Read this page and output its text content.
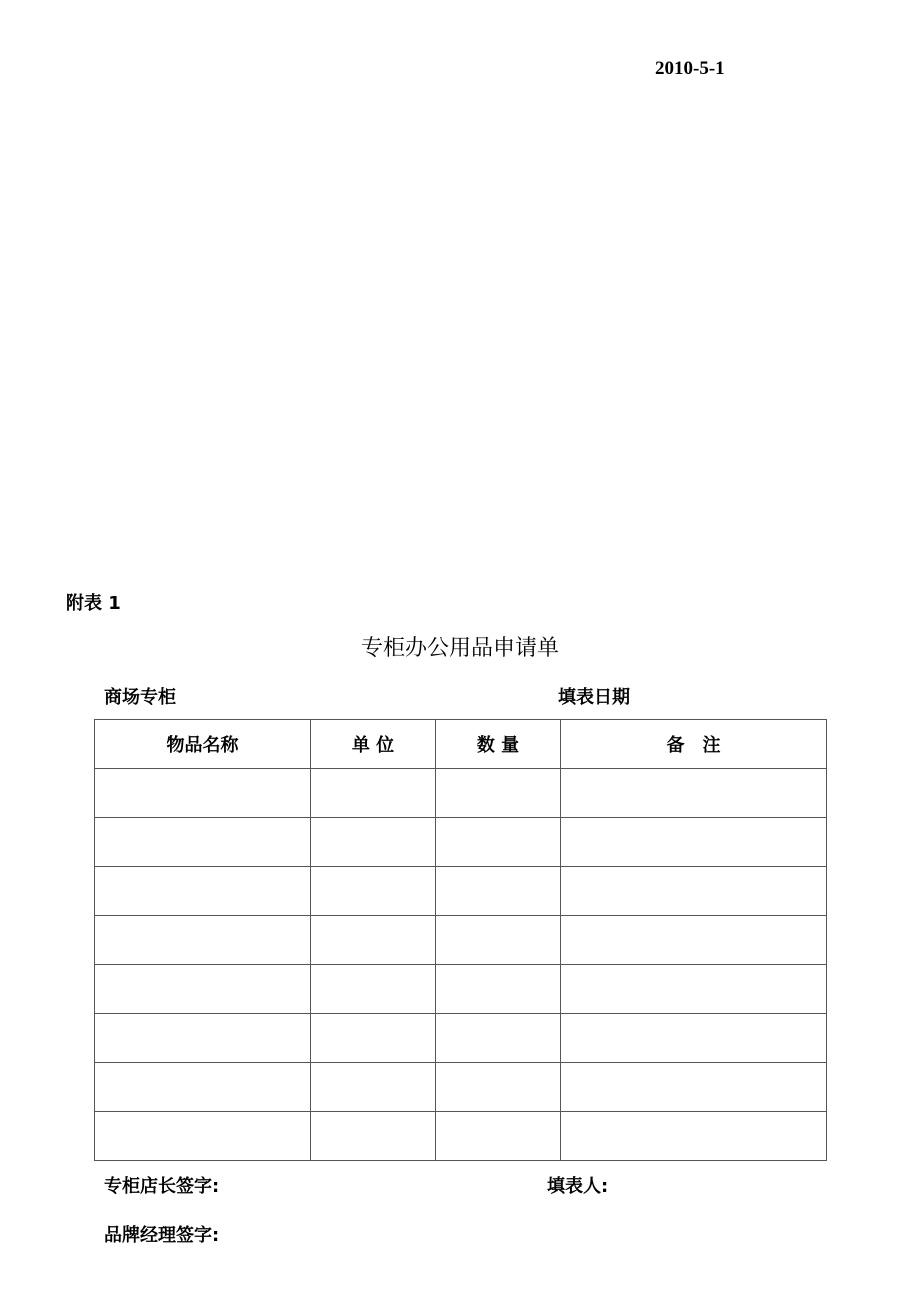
2010-5-1
附表 1
专柜办公用品申请单
商场专柜	填表日期
物品名称	单 位	数 量	备　注

专柜店长签字:	填表人:
品牌经理签字:
